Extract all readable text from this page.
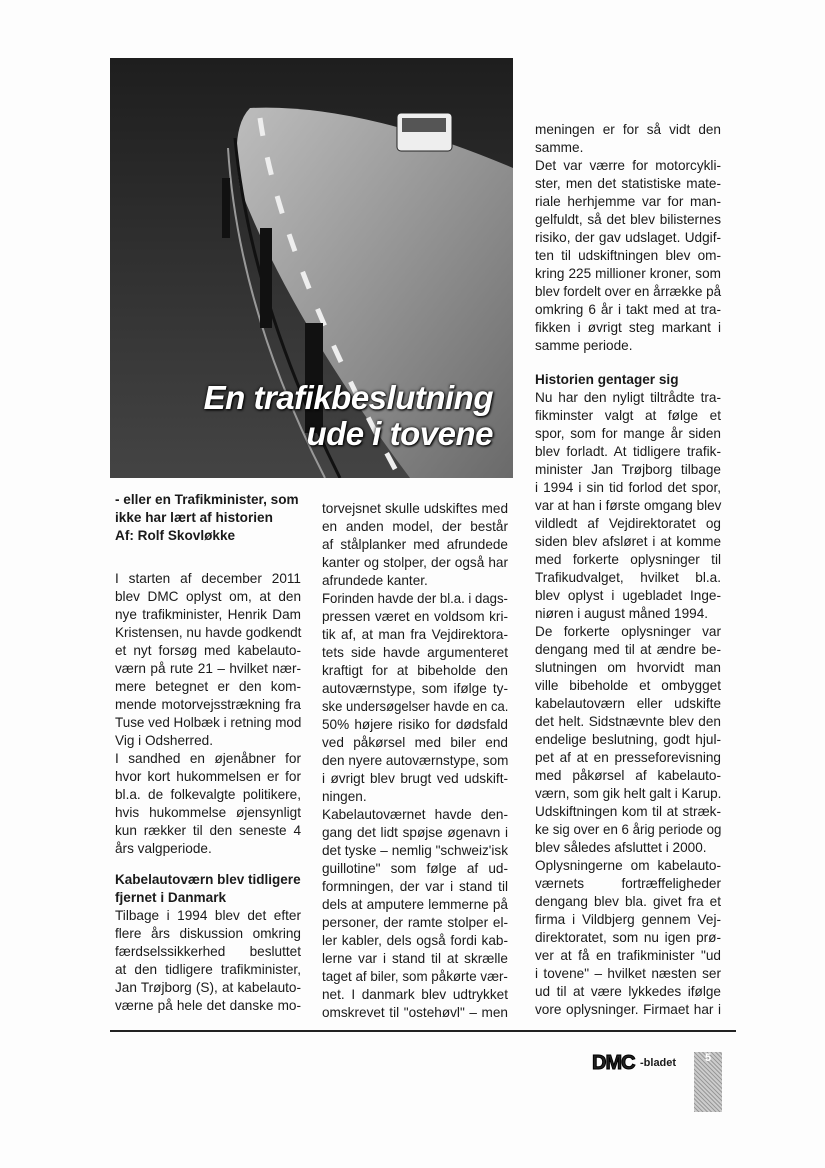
En trafikbeslutning
ude i tovene
- eller en Trafikminister, som
ikke har lært af historien
Af: Rolf Skovløkke
I starten af december 2011
blev DMC oplyst om, at den
nye trafikminister, Henrik Dam
Kristensen, nu havde godkendt
et nyt forsøg med kabelauto-
værn på rute 21 – hvilket nær-
mere betegnet er den kom-
mende motorvejsstrækning fra
Tuse ved Holbæk i retning mod
Vig i Odsherred.
I sandhed en øjenåbner for
hvor kort hukommelsen er for
bl.a. de folkevalgte politikere,
hvis hukommelse øjensynligt
kun rækker til den seneste 4
års valgperiode.
Kabelautoværn blev tidligere
fjernet i Danmark
Tilbage i 1994 blev det efter
flere års diskussion omkring
færdselssikkerhed besluttet
at den tidligere trafikminister,
Jan Trøjborg (S), at kabelauto-
værne på hele det danske mo-
torvejsnet skulle udskiftes med
en anden model, der består
af stålplanker med afrundede
kanter og stolper, der også har
afrundede kanter.
Forinden havde der bl.a. i dags-
pressen været en voldsom kri-
tik af, at man fra Vejdirektora-
tets side havde argumenteret
kraftigt for at bibeholde den
autoværnstype, som ifølge ty-
ske undersøgelser havde en ca.
50% højere risiko for dødsfald
ved påkørsel med biler end
den nyere autoværnstype, som
i øvrigt blev brugt ved udskift-
ningen.
Kabelautoværnet havde den-
gang det lidt spøjse øgenavn i
det tyske – nemlig "schweiz'isk
guillotine" som følge af ud-
formningen, der var i stand til
dels at amputere lemmerne på
personer, der ramte stolper el-
ler kabler, dels også fordi kab-
lerne var i stand til at skrælle
taget af biler, som påkørte vær-
net. I danmark blev udtrykket
omskrevet til "ostehøvl" – men
meningen er for så vidt den
samme.
Det var værre for motorcykli-
ster, men det statistiske mate-
riale herhjemme var for man-
gelfuldt, så det blev bilisternes
risiko, der gav udslaget. Udgif-
ten til udskiftningen blev om-
kring 225 millioner kroner, som
blev fordelt over en årrække på
omkring 6 år i takt med at tra-
fikken i øvrigt steg markant i
samme periode.
Historien gentager sig
Nu har den nyligt tiltrådte tra-
fikminster valgt at følge et
spor, som for mange år siden
blev forladt. At tidligere trafik-
minister Jan Trøjborg tilbage
i 1994 i sin tid forlod det spor,
var at han i første omgang blev
vildledt af Vejdirektoratet og
siden blev afsløret i at komme
med forkerte oplysninger til
Trafikudvalget, hvilket bl.a.
blev oplyst i ugebladet Inge-
niøren i august måned 1994.
De forkerte oplysninger var
dengang med til at ændre be-
slutningen om hvorvidt man
ville bibeholde et ombygget
kabelautoværn eller udskifte
det helt. Sidstnævnte blev den
endelige beslutning, godt hjul-
pet af at en presseforevisning
med påkørsel af kabelauto-
værn, som gik helt galt i Karup.
Udskiftningen kom til at stræk-
ke sig over en 6 årig periode og
blev således afsluttet i 2000.
Oplysningerne om kabelauto-
værnets fortræffeligheder
dengang blev bla. givet fra et
firma i Vildbjerg gennem Vej-
direktoratet, som nu igen prø-
ver at få en trafikminister "ud
i tovene" – hvilket næsten ser
ud til at være lykkedes ifølge
vore oplysninger. Firmaet har i
DMC -bladet	5
